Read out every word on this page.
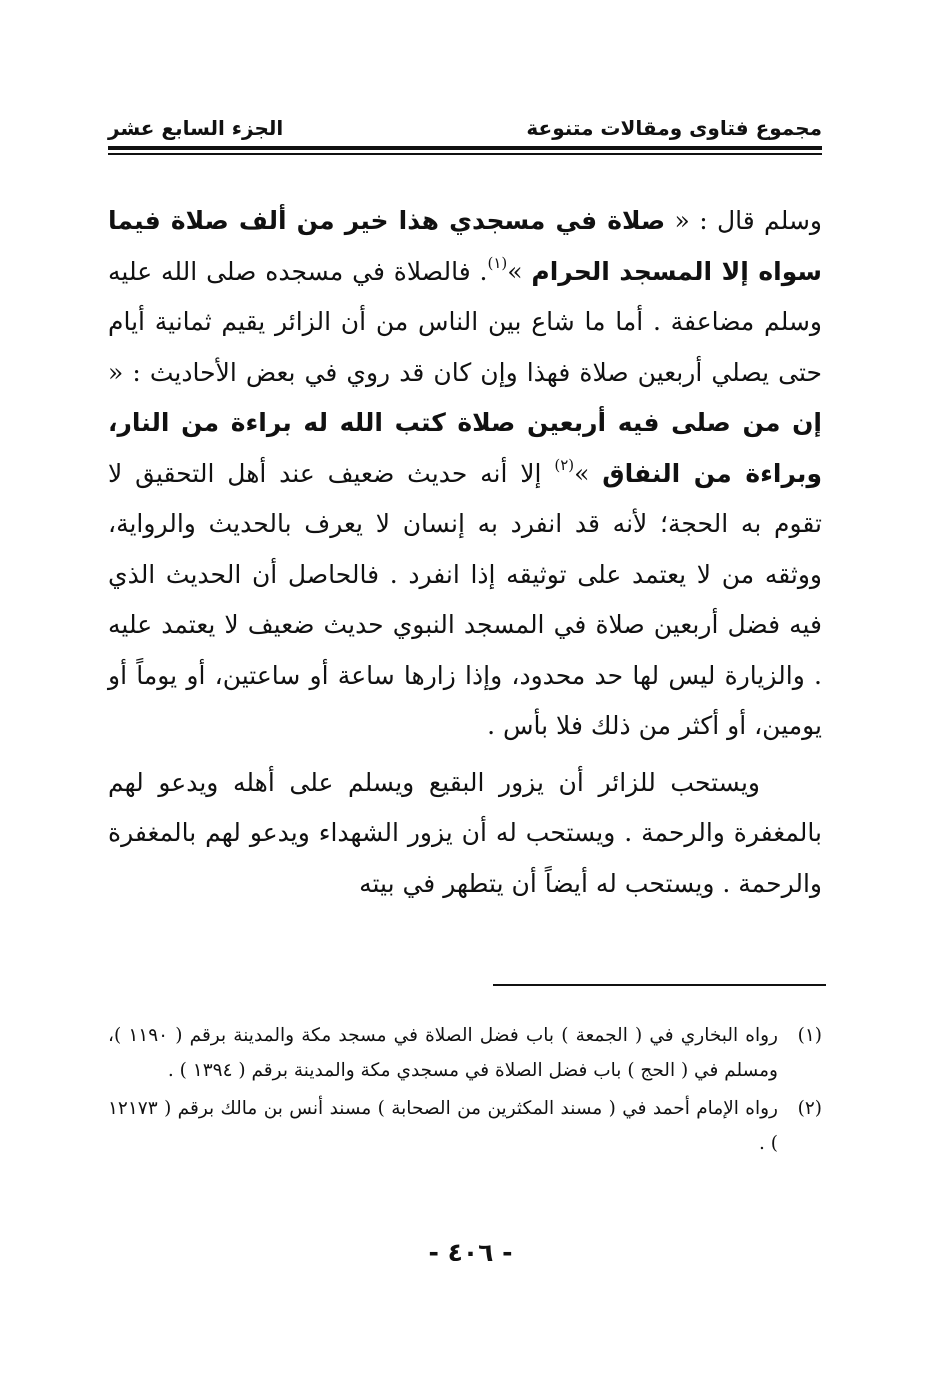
مجموع فتاوى ومقالات متنوعة
الجزء السابع عشر

وسلم قال : « صلاة في مسجدي هذا خير من ألف صلاة فيما سواه إلا المسجد الحرام »$^{(١)}$. فالصلاة في مسجده صلى الله عليه وسلم مضاعفة . أما ما شاع بين الناس من أن الزائر يقيم ثمانية أيام حتى يصلي أربعين صلاة فهذا وإن كان قد روي في بعض الأحاديث : « إن من صلى فيه أربعين صلاة كتب الله له براءة من النار، وبراءة من النفاق »$^{(٢)}$ إلا أنه حديث ضعيف عند أهل التحقيق لا تقوم به الحجة؛ لأنه قد انفرد به إنسان لا يعرف بالحديث والرواية، ووثقه من لا يعتمد على توثيقه إذا انفرد . فالحاصل أن الحديث الذي فيه فضل أربعين صلاة في المسجد النبوي حديث ضعيف لا يعتمد عليه . والزيارة ليس لها حد محدود، وإذا زارها ساعة أو ساعتين، أو يوماً أو يومين، أو أكثر من ذلك فلا بأس .

ويستحب للزائر أن يزور البقيع ويسلم على أهله ويدعو لهم بالمغفرة والرحمة . ويستحب له أن يزور الشهداء ويدعو لهم بالمغفرة والرحمة . ويستحب له أيضاً أن يتطهر في بيته

(١)
رواه البخاري في ( الجمعة ) باب فضل الصلاة في مسجد مكة والمدينة برقم ( ١١٩٠ )، ومسلم في ( الحج ) باب فضل الصلاة في مسجدي مكة والمدينة برقم ( ١٣٩٤ ) .
(٢)
رواه الإمام أحمد في ( مسند المكثرين من الصحابة ) مسند أنس بن مالك برقم ( ١٢١٧٣ ) .
- ٤٠٦ -
